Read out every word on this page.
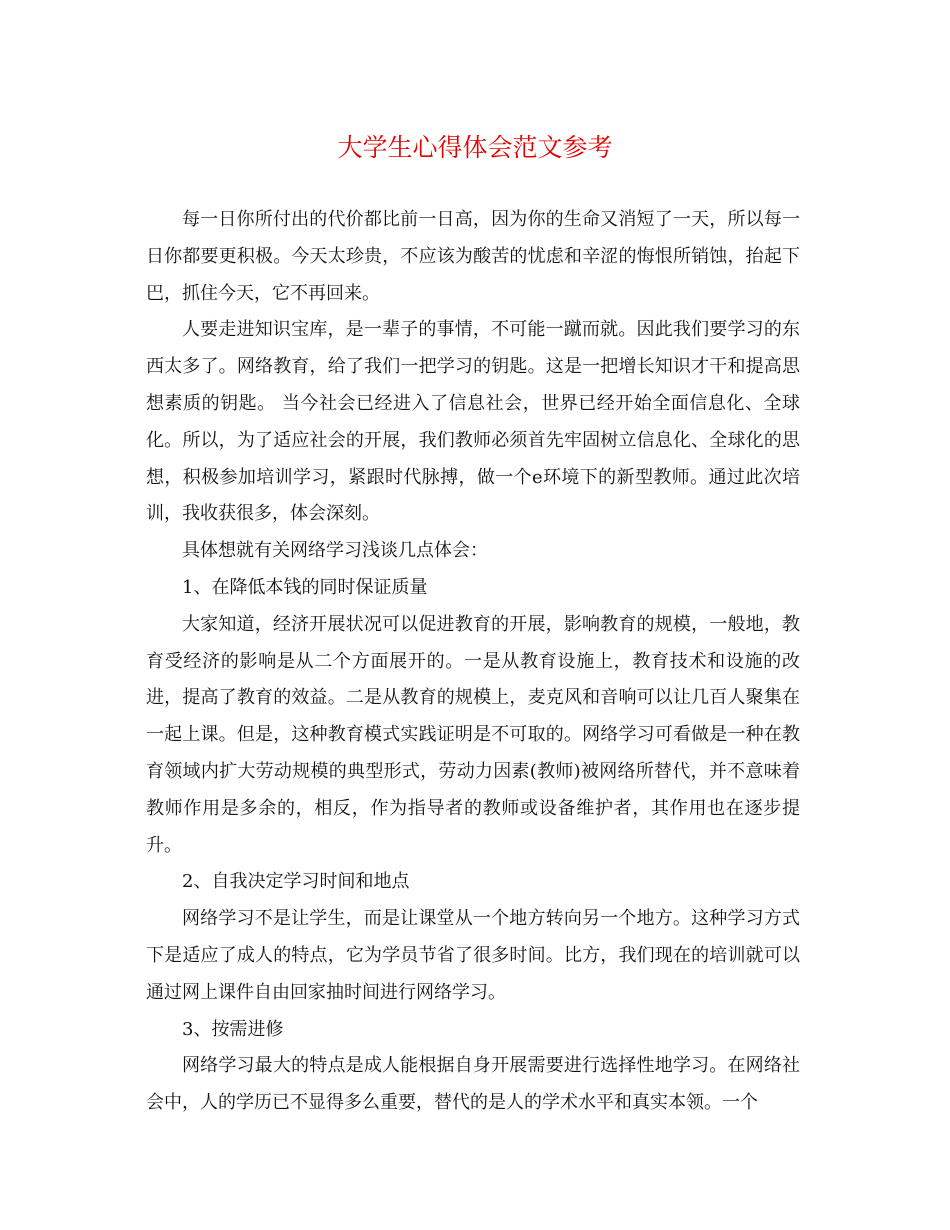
大学生心得体会范文参考

每一日你所付出的代价都比前一日高，因为你的生命又消短了一天，所以每一日你都要更积极。今天太珍贵，不应该为酸苦的忧虑和辛涩的悔恨所销蚀，抬起下巴，抓住今天，它不再回来。

人要走进知识宝库，是一辈子的事情，不可能一蹴而就。因此我们要学习的东西太多了。网络教育，给了我们一把学习的钥匙。这是一把增长知识才干和提高思想素质的钥匙。 当今社会已经进入了信息社会，世界已经开始全面信息化、全球化。所以，为了适应社会的开展，我们教师必须首先牢固树立信息化、全球化的思想，积极参加培训学习，紧跟时代脉搏，做一个e环境下的新型教师。通过此次培训，我收获很多，体会深刻。

具体想就有关网络学习浅谈几点体会：

1、在降低本钱的同时保证质量

大家知道，经济开展状况可以促进教育的开展，影响教育的规模，一般地，教育受经济的影响是从二个方面展开的。一是从教育设施上，教育技术和设施的改进，提高了教育的效益。二是从教育的规模上，麦克风和音响可以让几百人聚集在一起上课。但是，这种教育模式实践证明是不可取的。网络学习可看做是一种在教育领域内扩大劳动规模的典型形式，劳动力因素(教师)被网络所替代，并不意味着教师作用是多余的，相反，作为指导者的教师或设备维护者，其作用也在逐步提升。

2、自我决定学习时间和地点

网络学习不是让学生，而是让课堂从一个地方转向另一个地方。这种学习方式下是适应了成人的特点，它为学员节省了很多时间。比方，我们现在的培训就可以通过网上课件自由回家抽时间进行网络学习。

3、按需进修

网络学习最大的特点是成人能根据自身开展需要进行选择性地学习。在网络社会中，人的学历已不显得多么重要，替代的是人的学术水平和真实本领。一个
